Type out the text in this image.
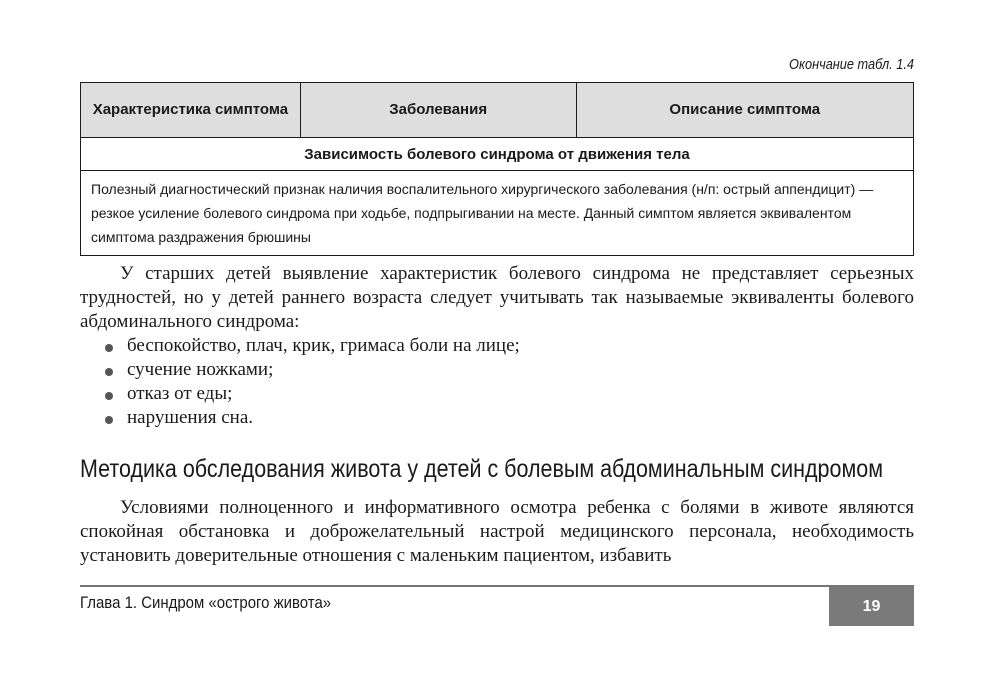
Окончание табл. 1.4
Характеристика симптома	Заболевания	Описание симптома
Зависимость болевого синдрома от движения тела
Полезный диагностический признак наличия воспалительного хирургического заболевания (н/п: острый аппендицит) — резкое усиление болевого синдрома при ходьбе, подпрыгивании на месте. Данный симптом является эквивалентом симптома раздражения брюшины

У старших детей выявление характеристик болевого синдрома не представляет серьезных трудностей, но у детей раннего возраста следует учитывать так называемые эквиваленты болевого абдоминального синдрома:

беспокойство, плач, крик, гримаса боли на лице;
сучение ножками;
отказ от еды;
нарушения сна.
Методика обследования живота у детей с болевым абдоминальным синдромом

Условиями полноценного и информативного осмотра ребенка с болями в животе являются спокойная обстановка и доброжелательный настрой медицинского персонала, необходимость установить доверительные отношения с маленьким пациентом, избавить

Глава 1. Синдром «острого живота»	19
